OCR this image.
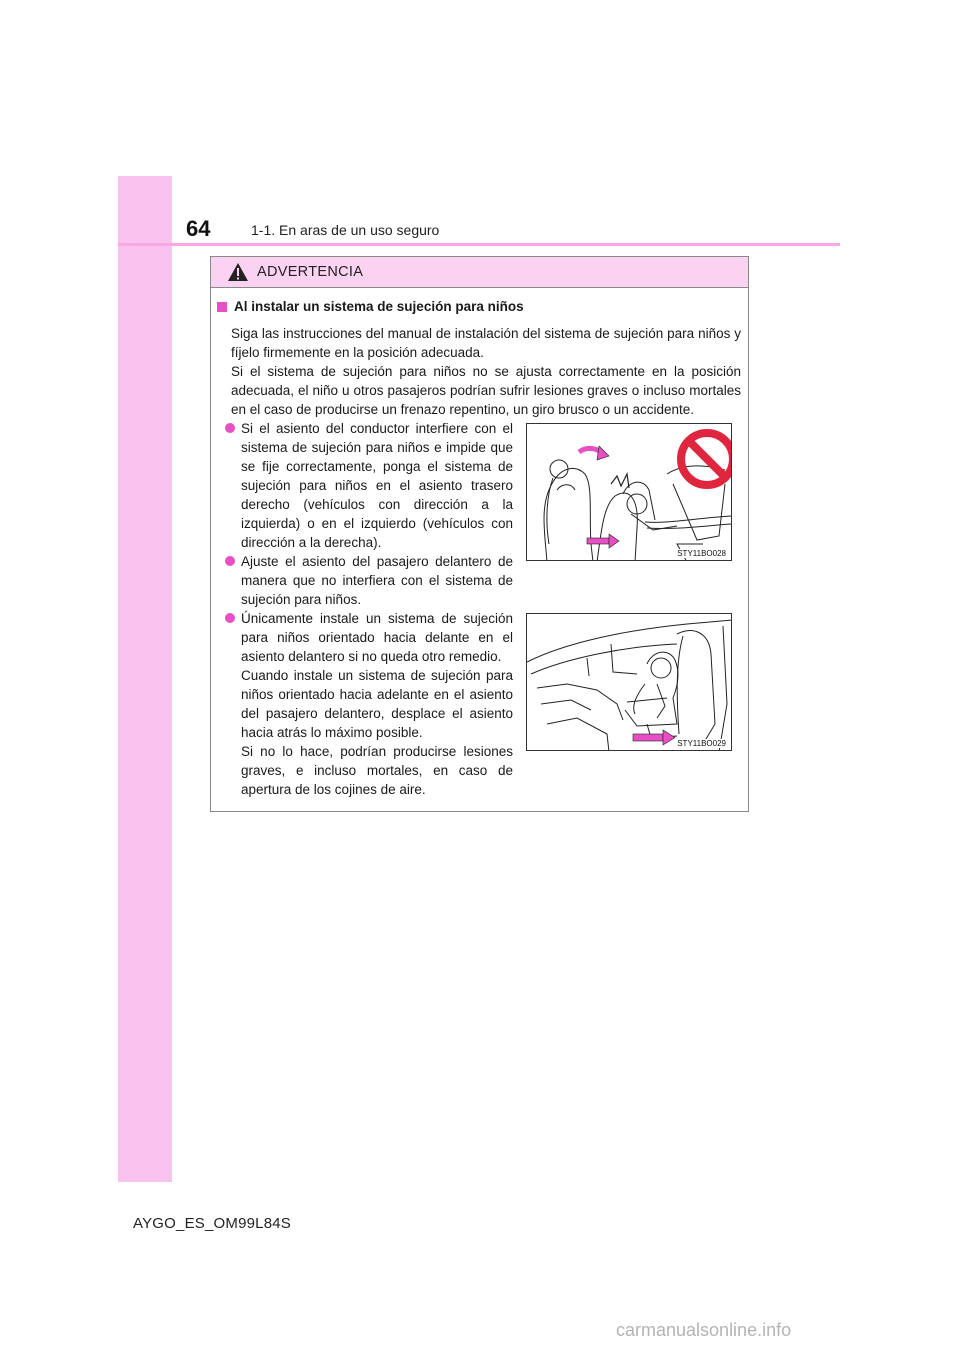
64	1-1. En aras de un uso seguro
ADVERTENCIA
Al instalar un sistema de sujeción para niños

Siga las instrucciones del manual de instalación del sistema de sujeción para niños y fíjelo firmemente en la posición adecuada.
Si el sistema de sujeción para niños no se ajusta correctamente en la posición adecuada, el niño u otros pasajeros podrían sufrir lesiones graves o incluso mortales en el caso de producirse un frenazo repentino, un giro brusco o un accidente.

Si el asiento del conductor interfiere con el sistema de sujeción para niños e impide que se fije correctamente, ponga el sistema de sujeción para niños en el asiento trasero derecho (vehículos con dirección a la izquierda) o en el izquierdo (vehículos con dirección a la derecha).
Ajuste el asiento del pasajero delantero de manera que no interfiera con el sistema de sujeción para niños.
Únicamente instale un sistema de sujeción para niños orientado hacia delante en el asiento delantero si no queda otro remedio.
Cuando instale un sistema de sujeción para niños orientado hacia adelante en el asiento del pasajero delantero, desplace el asiento hacia atrás lo máximo posible.
Si no lo hace, podrían producirse lesiones graves, e incluso mortales, en caso de apertura de los cojines de aire.
STY11BO028
STY11BO029
AYGO_ES_OM99L84S
carmanualsonline.info
